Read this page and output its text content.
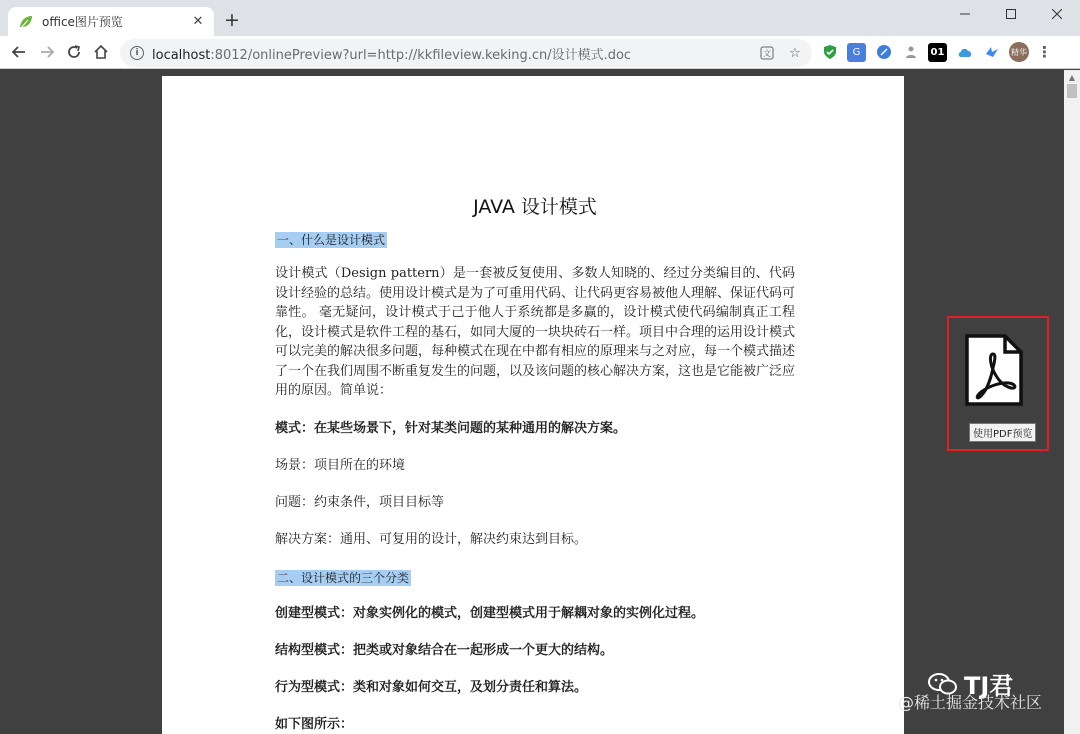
office图片预览	✕ +
i	localhost:8012/onlinePreview?url=http://kkfileview.keking.cn/设计模式.doc	文 ☆	G	01	精华 ⋮
JAVA 设计模式
一、什么是设计模式
设计模式（Design pattern）是一套被反复使用、多数人知晓的、经过分类编目的、代码设计经验的总结。使用设计模式是为了可重用代码、让代码更容易被他人理解、保证代码可靠性。 毫无疑问，设计模式于己于他人于系统都是多赢的，设计模式使代码编制真正工程化，设计模式是软件工程的基石，如同大厦的一块块砖石一样。项目中合理的运用设计模式可以完美的解决很多问题，每种模式在现在中都有相应的原理来与之对应，每一个模式描述了一个在我们周围不断重复发生的问题，以及该问题的核心解决方案，这也是它能被广泛应用的原因。简单说：
模式：在某些场景下，针对某类问题的某种通用的解决方案。
场景：项目所在的环境
问题：约束条件，项目目标等
解决方案：通用、可复用的设计，解决约束达到目标。
二、设计模式的三个分类
创建型模式：对象实例化的模式，创建型模式用于解耦对象的实例化过程。
结构型模式：把类或对象结合在一起形成一个更大的结构。
行为型模式：类和对象如何交互，及划分责任和算法。
如下图所示：
▲
使用PDF预览
TJ君
@稀土掘金技术社区
